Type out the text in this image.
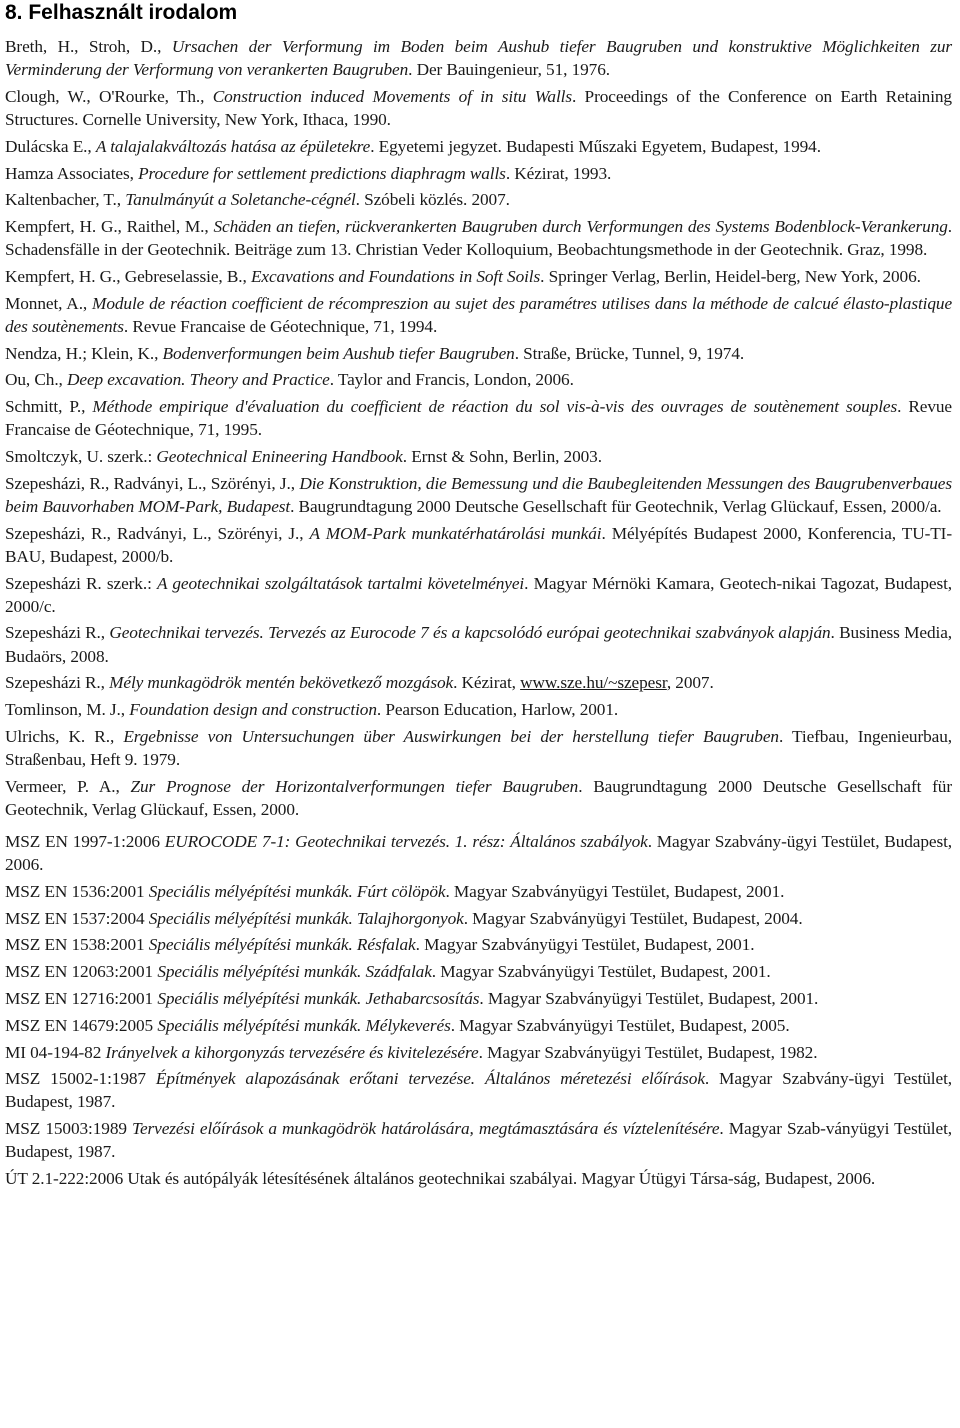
8. Felhasznált irodalom

Breth, H., Stroh, D., Ursachen der Verformung im Boden beim Aushub tiefer Baugruben und konstruktive Möglichkeiten zur Verminderung der Verformung von verankerten Baugruben. Der Bauingenieur, 51, 1976.

Clough, W., O'Rourke, Th., Construction induced Movements of in situ Walls. Proceedings of the Conference on Earth Retaining Structures. Cornelle University, New York, Ithaca, 1990.

Dulácska E., A talajalakváltozás hatása az épületekre. Egyetemi jegyzet. Budapesti Műszaki Egyetem, Budapest, 1994.

Hamza Associates, Procedure for settlement predictions diaphragm walls. Kézirat, 1993.

Kaltenbacher, T., Tanulmányút a Soletanche-cégnél. Szóbeli közlés. 2007.

Kempfert, H. G., Raithel, M., Schäden an tiefen, rückverankerten Baugruben durch Verformungen des Systems Bodenblock-Verankerung. Schadensfälle in der Geotechnik. Beiträge zum 13. Christian Veder Kolloquium, Beobachtungsmethode in der Geotechnik. Graz, 1998.

Kempfert, H. G., Gebreselassie, B., Excavations and Foundations in Soft Soils. Springer Verlag, Berlin, Heidel-berg, New York, 2006.

Monnet, A., Module de réaction coefficient de récompreszion au sujet des paramétres utilises dans la méthode de calcué élasto-plastique des soutènements. Revue Francaise de Géotechnique, 71, 1994.

Nendza, H.; Klein, K., Bodenverformungen beim Aushub tiefer Baugruben. Straße, Brücke, Tunnel, 9, 1974.

Ou, Ch., Deep excavation. Theory and Practice. Taylor and Francis, London, 2006.

Schmitt, P., Méthode empirique d'évaluation du coefficient de réaction du sol vis-à-vis des ouvrages de soutènement souples. Revue Francaise de Géotechnique, 71, 1995.

Smoltczyk, U. szerk.: Geotechnical Enineering Handbook. Ernst & Sohn, Berlin, 2003.

Szepesházi, R., Radványi, L., Szörényi, J., Die Konstruktion, die Bemessung und die Baubegleitenden Messungen des Baugrubenverbaues beim Bauvorhaben MOM-Park, Budapest. Baugrundtagung 2000 Deutsche Gesellschaft für Geotechnik, Verlag Glückauf, Essen, 2000/a.

Szepesházi, R., Radványi, L., Szörényi, J., A MOM-Park munkatérhatárolási munkái. Mélyépítés Budapest 2000, Konferencia, TU-TI-BAU, Budapest, 2000/b.

Szepesházi R. szerk.: A geotechnikai szolgáltatások tartalmi követelményei. Magyar Mérnöki Kamara, Geotech-nikai Tagozat, Budapest, 2000/c.

Szepesházi R., Geotechnikai tervezés. Tervezés az Eurocode 7 és a kapcsolódó európai geotechnikai szabványok alapján. Business Media, Budaörs, 2008.

Szepesházi R., Mély munkagödrök mentén bekövetkező mozgások. Kézirat, www.sze.hu/~szepesr, 2007.

Tomlinson, M. J., Foundation design and construction. Pearson Education, Harlow, 2001.

Ulrichs, K. R., Ergebnisse von Untersuchungen über Auswirkungen bei der herstellung tiefer Baugruben. Tiefbau, Ingenieurbau, Straßenbau, Heft 9. 1979.

Vermeer, P. A., Zur Prognose der Horizontalverformungen tiefer Baugruben. Baugrundtagung 2000 Deutsche Gesellschaft für Geotechnik, Verlag Glückauf, Essen, 2000.

MSZ EN 1997-1:2006 EUROCODE 7-1: Geotechnikai tervezés. 1. rész: Általános szabályok. Magyar Szabvány-ügyi Testület, Budapest, 2006.

MSZ EN 1536:2001 Speciális mélyépítési munkák. Fúrt cölöpök. Magyar Szabványügyi Testület, Budapest, 2001.

MSZ EN 1537:2004 Speciális mélyépítési munkák. Talajhorgonyok. Magyar Szabványügyi Testület, Budapest, 2004.

MSZ EN 1538:2001 Speciális mélyépítési munkák. Résfalak. Magyar Szabványügyi Testület, Budapest, 2001.

MSZ EN 12063:2001 Speciális mélyépítési munkák. Szádfalak. Magyar Szabványügyi Testület, Budapest, 2001.

MSZ EN 12716:2001 Speciális mélyépítési munkák. Jethabarcsosítás. Magyar Szabványügyi Testület, Budapest, 2001.

MSZ EN 14679:2005 Speciális mélyépítési munkák. Mélykeverés. Magyar Szabványügyi Testület, Budapest, 2005.

MI 04-194-82 Irányelvek a kihorgonyzás tervezésére és kivitelezésére. Magyar Szabványügyi Testület, Budapest, 1982.

MSZ 15002-1:1987 Építmények alapozásának erőtani tervezése. Általános méretezési előírások. Magyar Szabvány-ügyi Testület, Budapest, 1987.

MSZ 15003:1989 Tervezési előírások a munkagödrök határolására, megtámasztására és víztelenítésére. Magyar Szab-ványügyi Testület, Budapest, 1987.

ÚT 2.1-222:2006 Utak és autópályák létesítésének általános geotechnikai szabályai. Magyar Útügyi Társa-ság, Budapest, 2006.
